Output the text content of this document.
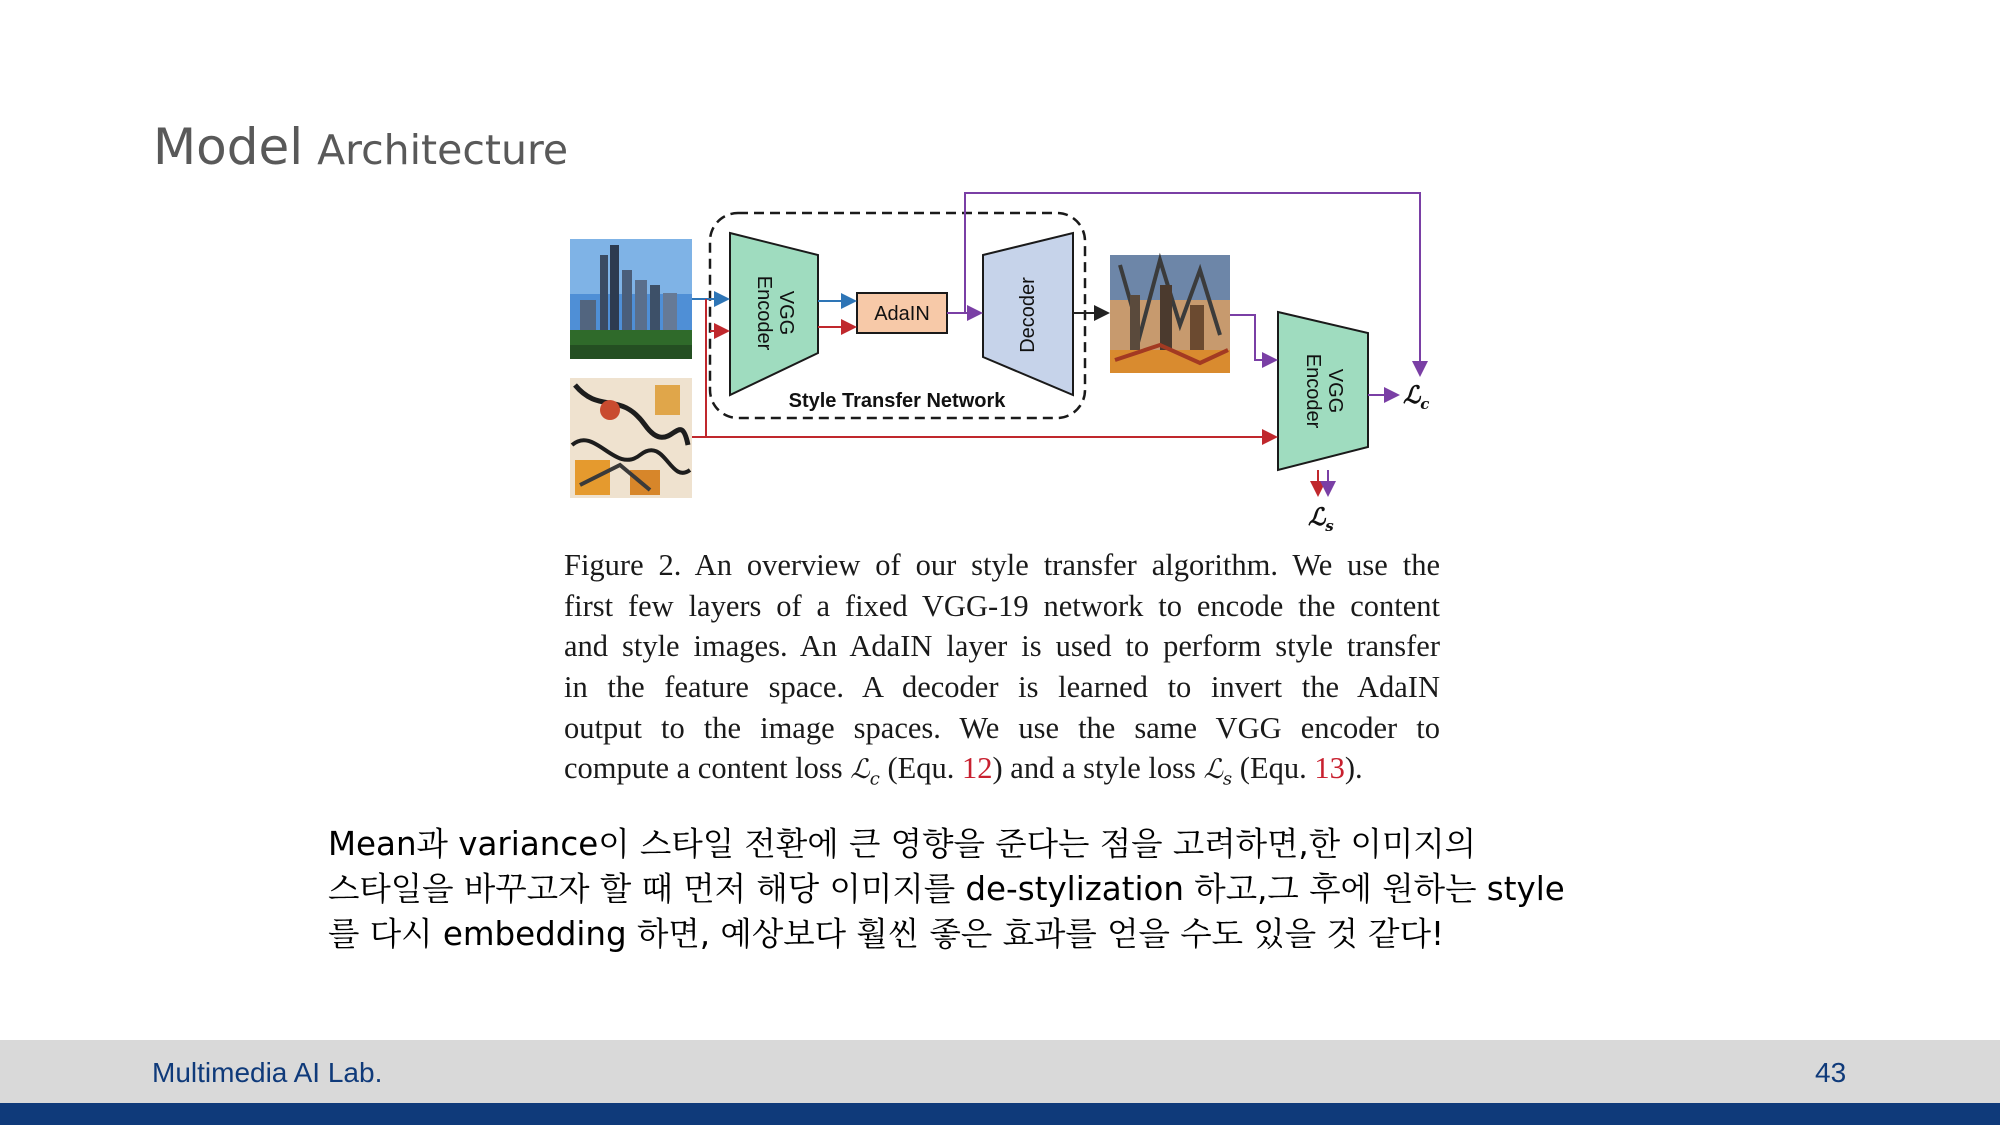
Model Architecture
VGG
Encoder	AdaIN	Decoder
Style Transfer Network	VGG
Encoder	ℒ$_c$
ℒ$_s$
Figure 2. An overview of our style transfer algorithm. We use the
first few layers of a fixed VGG-19 network to encode the content
and style images. An AdaIN layer is used to perform style transfer
in the feature space. A decoder is learned to invert the AdaIN
output to the image spaces. We use the same VGG encoder to
compute a content loss ℒ$_c$ (Equ. 12) and a style loss ℒ$_s$ (Equ. 13).
Mean과 variance이 스타일 전환에 큰 영향을 준다는 점을 고려하면,한 이미지의
스타일을 바꾸고자 할 때 먼저 해당 이미지를 de-stylization 하고,그 후에 원하는 style
를 다시 embedding 하면, 예상보다 훨씬 좋은 효과를 얻을 수도 있을 것 같다!
Multimedia AI Lab.	43
